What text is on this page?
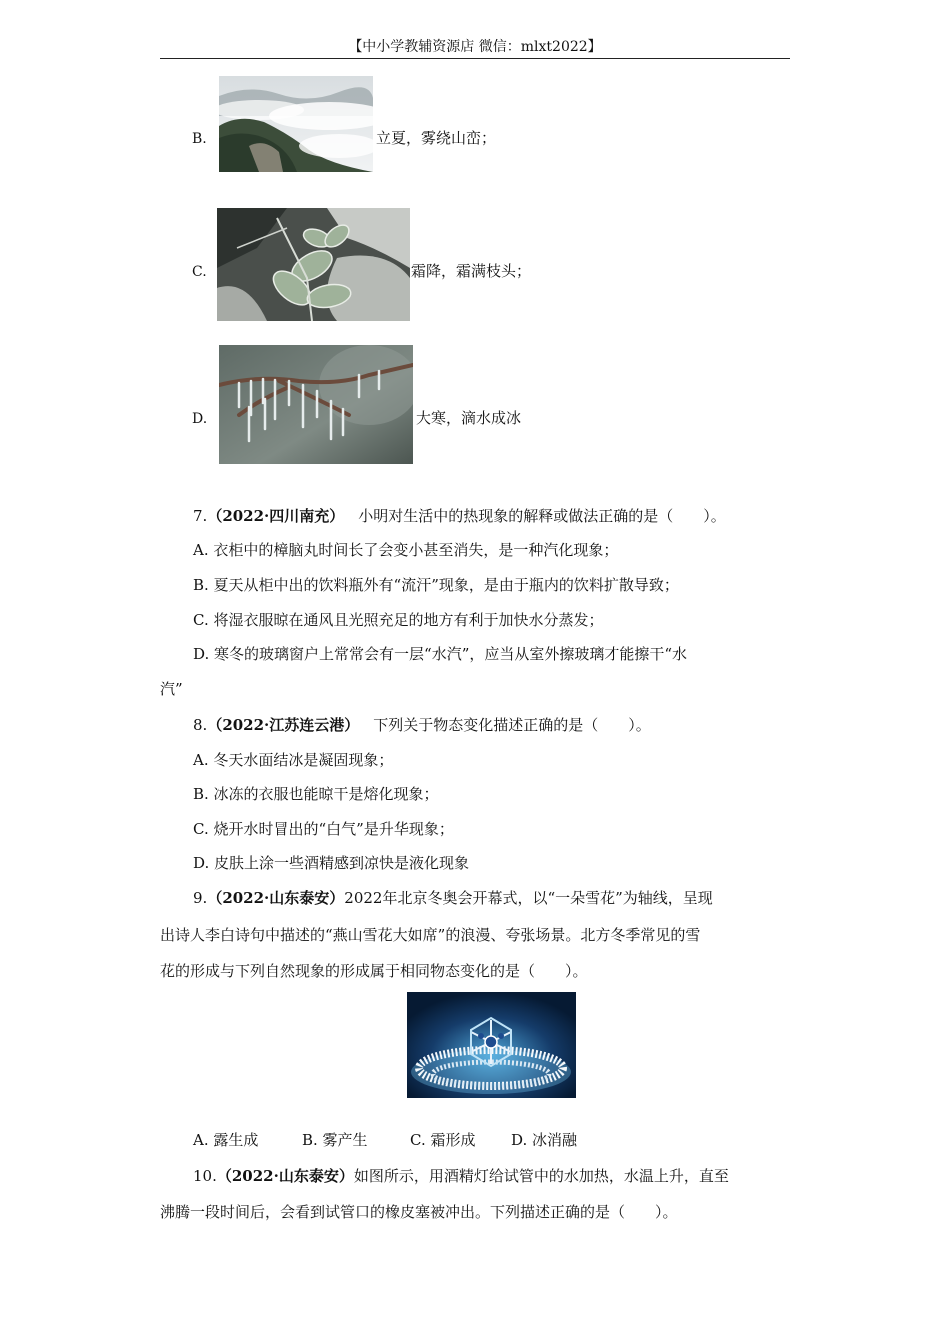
【中小学教辅资源店 微信：mlxt2022】
B.	立夏，雾绕山峦；
C.	霜降，霜满枝头；
D.	大寒，滴水成冰
7.（2022·四川南充） 小明对生活中的热现象的解释或做法正确的是（　　）。
A. 衣柜中的樟脑丸时间长了会变小甚至消失，是一种汽化现象；
B. 夏天从柜中出的饮料瓶外有“流汗”现象，是由于瓶内的饮料扩散导致；
C. 将湿衣服晾在通风且光照充足的地方有利于加快水分蒸发；
D. 寒冬的玻璃窗户上常常会有一层“水汽”，应当从室外擦玻璃才能擦干“水
汽”
8.（2022·江苏连云港） 下列关于物态变化描述正确的是（　　）。
A. 冬天水面结冰是凝固现象；
B. 冰冻的衣服也能晾干是熔化现象；
C. 烧开水时冒出的“白气”是升华现象；
D. 皮肤上涂一些酒精感到凉快是液化现象
9.（2022·山东泰安）2022年北京冬奥会开幕式，以“一朵雪花”为轴线，呈现
出诗人李白诗句中描述的“燕山雪花大如席”的浪漫、夸张场景。北方冬季常见的雪
花的形成与下列自然现象的形成属于相同物态变化的是（　　）。
A. 露生成	B. 雾产生	C. 霜形成 D. 冰消融
10.（2022·山东泰安）如图所示，用酒精灯给试管中的水加热，水温上升，直至
沸腾一段时间后，会看到试管口的橡皮塞被冲出。下列描述正确的是（　　）。
